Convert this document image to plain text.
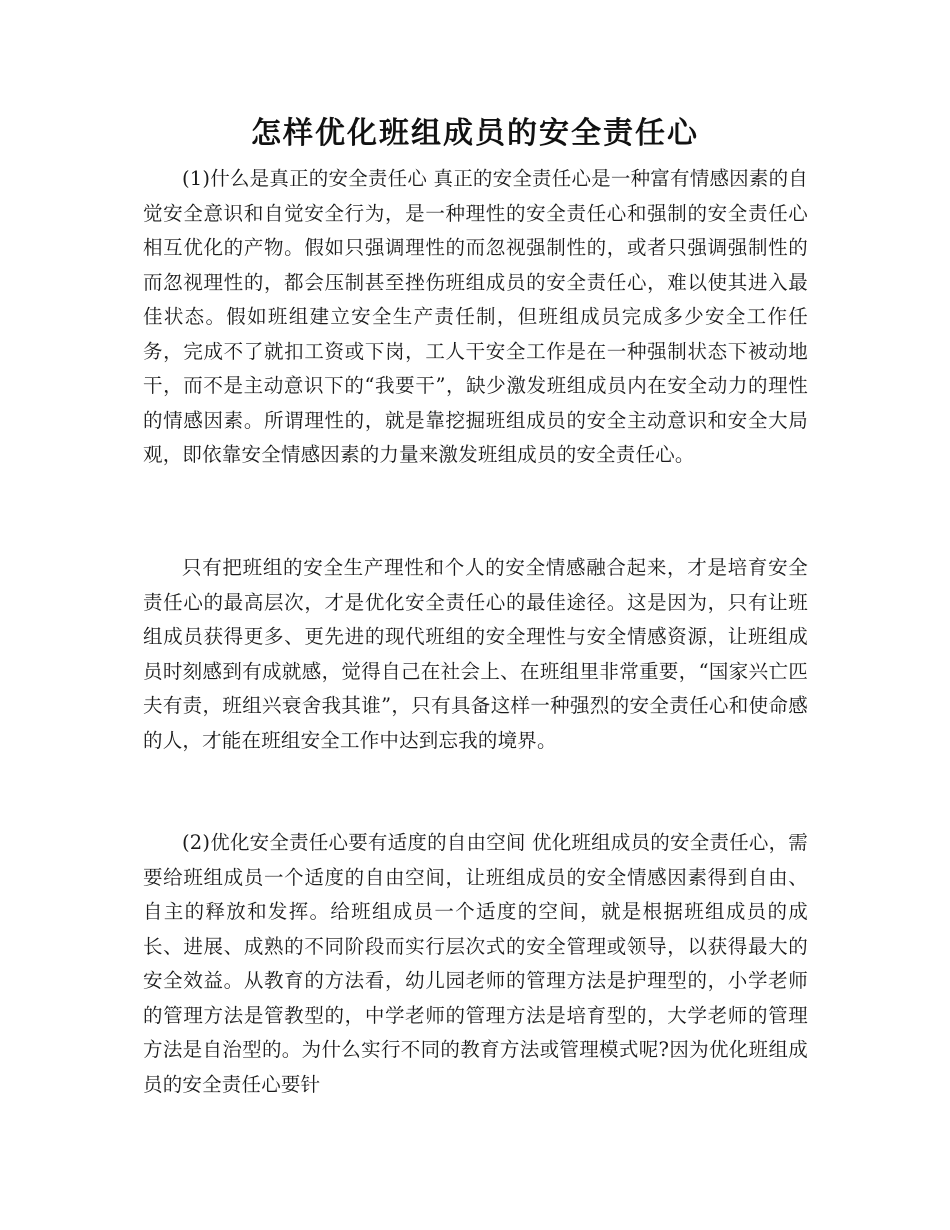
怎样优化班组成员的安全责任心

(1)什么是真正的安全责任心 真正的安全责任心是一种富有情感因素的自觉安全意识和自觉安全行为，是一种理性的安全责任心和强制的安全责任心相互优化的产物。假如只强调理性的而忽视强制性的，或者只强调强制性的而忽视理性的，都会压制甚至挫伤班组成员的安全责任心，难以使其进入最佳状态。假如班组建立安全生产责任制，但班组成员完成多少安全工作任务，完成不了就扣工资或下岗，工人干安全工作是在一种强制状态下被动地干，而不是主动意识下的“我要干”，缺少激发班组成员内在安全动力的理性的情感因素。所谓理性的，就是靠挖掘班组成员的安全主动意识和安全大局观，即依靠安全情感因素的力量来激发班组成员的安全责任心。

只有把班组的安全生产理性和个人的安全情感融合起来，才是培育安全责任心的最高层次，才是优化安全责任心的最佳途径。这是因为，只有让班组成员获得更多、更先进的现代班组的安全理性与安全情感资源，让班组成员时刻感到有成就感，觉得自己在社会上、在班组里非常重要，“国家兴亡匹夫有责，班组兴衰舍我其谁”，只有具备这样一种强烈的安全责任心和使命感的人，才能在班组安全工作中达到忘我的境界。

(2)优化安全责任心要有适度的自由空间 优化班组成员的安全责任心，需要给班组成员一个适度的自由空间，让班组成员的安全情感因素得到自由、自主的释放和发挥。给班组成员一个适度的空间，就是根据班组成员的成长、进展、成熟的不同阶段而实行层次式的安全管理或领导，以获得最大的安全效益。从教育的方法看，幼儿园老师的管理方法是护理型的，小学老师的管理方法是管教型的，中学老师的管理方法是培育型的，大学老师的管理方法是自治型的。为什么实行不同的教育方法或管理模式呢?因为优化班组成员的安全责任心要针
